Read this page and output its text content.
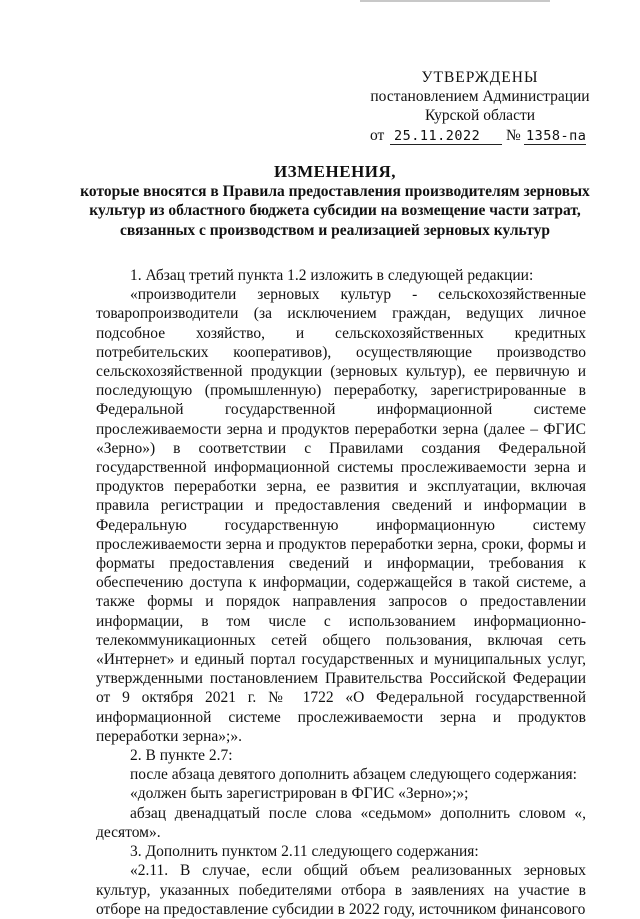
УТВЕРЖДЕНЫ
постановлением Администрации
Курской области
от 25.11.2022 № 1358-па
ИЗМЕНЕНИЯ,
которые вносятся в Правила предоставления производителям зерновых культур из областного бюджета субсидии на возмещение части затрат, связанных с производством и реализацией зерновых культур

1. Абзац третий пункта 1.2 изложить в следующей редакции:

«производители зерновых культур - сельскохозяйственные товаропроизводители (за исключением граждан, ведущих личное подсобное хозяйство, и сельскохозяйственных кредитных потребительских кооперативов), осуществляющие производство сельскохозяйственной продукции (зерновых культур), ее первичную и последующую (промышленную) переработку, зарегистрированные в Федеральной государственной информационной системе прослеживаемости зерна и продуктов переработки зерна (далее – ФГИС «Зерно») в соответствии с Правилами создания Федеральной государственной информационной системы прослеживаемости зерна и продуктов переработки зерна, ее развития и эксплуатации, включая правила регистрации и предоставления сведений и информации в Федеральную государственную информационную систему прослеживаемости зерна и продуктов переработки зерна, сроки, формы и форматы предоставления сведений и информации, требования к обеспечению доступа к информации, содержащейся в такой системе, а также формы и порядок направления запросов о предоставлении информации, в том числе с использованием информационно-телекоммуникационных сетей общего пользования, включая сеть «Интернет» и единый портал государственных и муниципальных услуг, утвержденными постановлением Правительства Российской Федерации от 9 октября 2021 г. № 1722 «О Федеральной государственной информационной системе прослеживаемости зерна и продуктов переработки зерна»;».

2. В пункте 2.7:

после абзаца девятого дополнить абзацем следующего содержания:

«должен быть зарегистрирован в ФГИС «Зерно»;»;

абзац двенадцатый после слова «седьмом» дополнить словом «, десятом».

3. Дополнить пунктом 2.11 следующего содержания:

«2.11. В случае, если общий объем реализованных зерновых культур, указанных победителями отбора в заявлениях на участие в отборе на предоставление субсидии в 2022 году, источником финансового
